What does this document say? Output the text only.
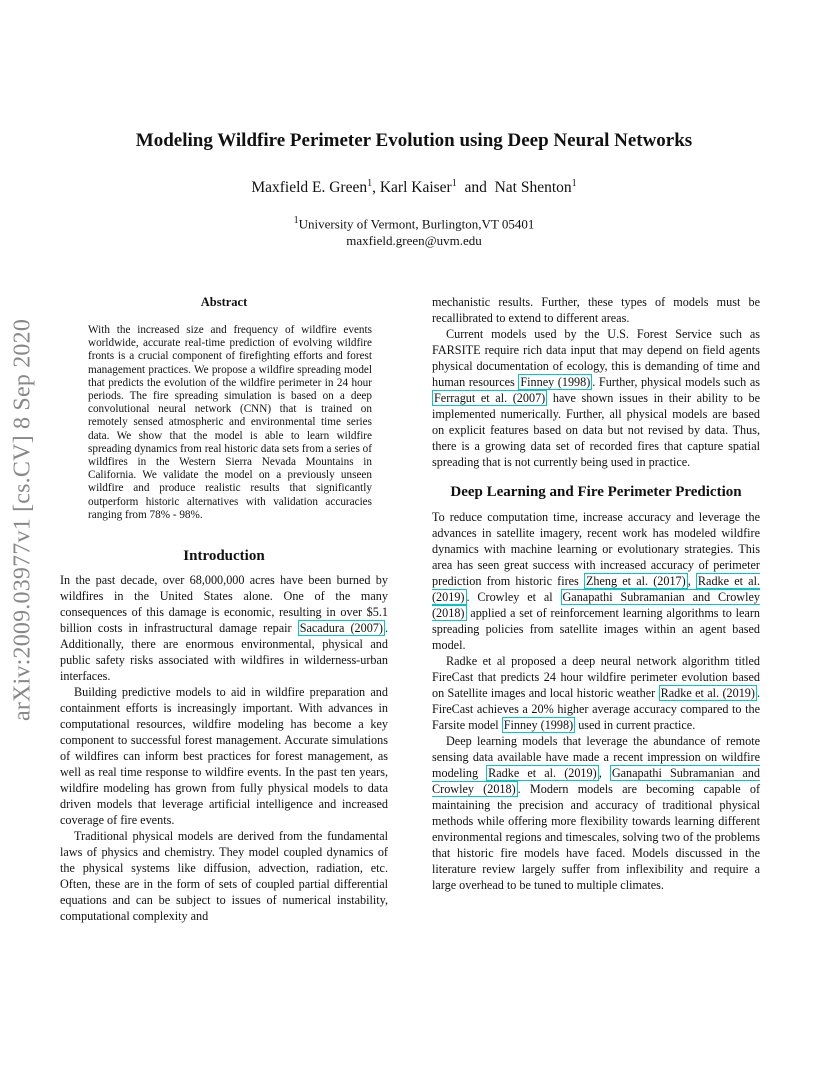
arXiv:2009.03977v1 [cs.CV] 8 Sep 2020
Modeling Wildfire Perimeter Evolution using Deep Neural Networks
Maxfield E. Green$^1$, Karl Kaiser$^1$ and Nat Shenton$^1$
$^1$University of Vermont, Burlington,VT 05401
maxfield.green@uvm.edu
Abstract

With the increased size and frequency of wildfire events worldwide, accurate real-time prediction of evolving wildfire fronts is a crucial component of firefighting efforts and forest management practices. We propose a wildfire spreading model that predicts the evolution of the wildfire perimeter in 24 hour periods. The fire spreading simulation is based on a deep convolutional neural network (CNN) that is trained on remotely sensed atmospheric and environmental time series data. We show that the model is able to learn wildfire spreading dynamics from real historic data sets from a series of wildfires in the Western Sierra Nevada Mountains in California. We validate the model on a previously unseen wildfire and produce realistic results that significantly outperform historic alternatives with validation accuracies ranging from 78% - 98%.

Introduction

In the past decade, over 68,000,000 acres have been burned by wildfires in the United States alone. One of the many consequences of this damage is economic, resulting in over $5.1 billion costs in infrastructural damage repair Sacadura (2007) . Additionally, there are enormous environmental, physical and public safety risks associated with wildfires in wilderness-urban interfaces.

Building predictive models to aid in wildfire preparation and containment efforts is increasingly important. With advances in computational resources, wildfire modeling has become a key component to successful forest management. Accurate simulations of wildfires can inform best practices for forest management, as well as real time response to wildfire events. In the past ten years, wildfire modeling has grown from fully physical models to data driven models that leverage artificial intelligence and increased coverage of fire events.

Traditional physical models are derived from the fundamental laws of physics and chemistry. They model coupled dynamics of the physical systems like diffusion, advection, radiation, etc. Often, these are in the form of sets of coupled partial differential equations and can be subject to issues of numerical instability, computational complexity and

mechanistic results. Further, these types of models must be recallibrated to extend to different areas.

Current models used by the U.S. Forest Service such as FARSITE require rich data input that may depend on field agents physical documentation of ecology, this is demanding of time and human resources Finney (1998) . Further, physical models such as Ferragut et al. (2007) have shown issues in their ability to be implemented numerically. Further, all physical models are based on explicit features based on data but not revised by data. Thus, there is a growing data set of recorded fires that capture spatial spreading that is not currently being used in practice.

Deep Learning and Fire Perimeter Prediction

To reduce computation time, increase accuracy and leverage the advances in satellite imagery, recent work has modeled wildfire dynamics with machine learning or evolutionary strategies. This area has seen great success with increased accuracy of perimeter prediction from historic fires Zheng et al. (2017) , Radke et al. (2019) . Crowley et al Ganapathi Subramanian and Crowley (2018) applied a set of reinforcement learning algorithms to learn spreading policies from satellite images within an agent based model.

Radke et al proposed a deep neural network algorithm titled FireCast that predicts 24 hour wildfire perimeter evolution based on Satellite images and local historic weather Radke et al. (2019) . FireCast achieves a 20% higher average accuracy compared to the Farsite model Finney (1998) used in current practice.

Deep learning models that leverage the abundance of remote sensing data available have made a recent impression on wildfire modeling Radke et al. (2019) , Ganapathi Subramanian and Crowley (2018) . Modern models are becoming capable of maintaining the precision and accuracy of traditional physical methods while offering more flexibility towards learning different environmental regions and timescales, solving two of the problems that historic fire models have faced. Models discussed in the literature review largely suffer from inflexibility and require a large overhead to be tuned to multiple climates.
